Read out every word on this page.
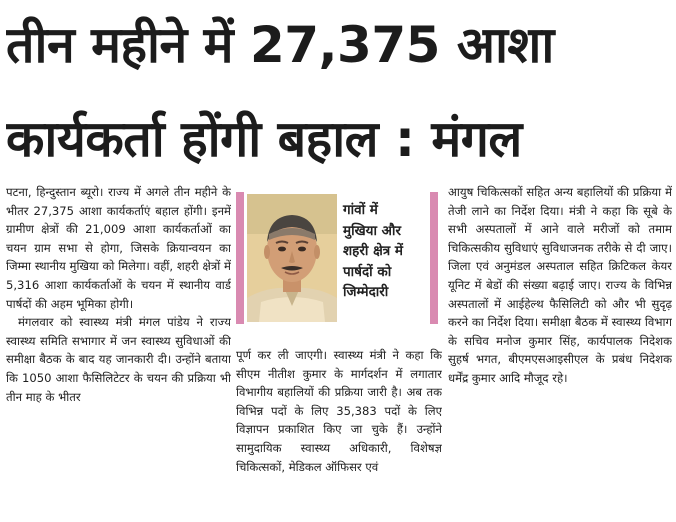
तीन महीने में 27,375 आशा
कार्यकर्ता होंगी बहाल : मंगल

पटना, हिन्दुस्तान ब्यूरो। राज्य में अगले तीन महीने के भीतर 27,375 आशा कार्यकर्ताएं बहाल होंगी। इनमें ग्रामीण क्षेत्रों की 21,009 आशा कार्यकर्ताओं का चयन ग्राम सभा से होगा, जिसके क्रियान्वयन का जिम्मा स्थानीय मुखिया को मिलेगा। वहीं, शहरी क्षेत्रों में 5,316 आशा कार्यकर्ताओं के चयन में स्थानीय वार्ड पार्षदों की अहम भूमिका होगी।

मंगलवार को स्वास्थ्य मंत्री मंगल पांडेय ने राज्य स्वास्थ्य समिति सभागार में जन स्वास्थ्य सुविधाओं की समीक्षा बैठक के बाद यह जानकारी दी। उन्होंने बताया कि 1050 आशा फैसिलिटेटर के चयन की प्रक्रिया भी तीन माह के भीतर

गांवों में
मुखिया और
शहरी क्षेत्र में
पार्षदों को
जिम्मेदारी

पूर्ण कर ली जाएगी। स्वास्थ्य मंत्री ने कहा कि सीएम नीतीश कुमार के मार्गदर्शन में लगातार विभागीय बहालियों की प्रक्रिया जारी है। अब तक विभिन्न पदों के लिए 35,383 पदों के लिए विज्ञापन प्रकाशित किए जा चुके हैं। उन्होंने सामुदायिक स्वास्थ्य अधिकारी, विशेषज्ञ चिकित्सकों, मेडिकल ऑफिसर एवं

आयुष चिकित्सकों सहित अन्य बहालियों की प्रक्रिया में तेजी लाने का निर्देश दिया। मंत्री ने कहा कि सूबे के सभी अस्पतालों में आने वाले मरीजों को तमाम चिकित्सकीय सुविधाएं सुविधाजनक तरीके से दी जाए। जिला एवं अनुमंडल अस्पताल सहित क्रिटिकल केयर यूनिट में बेडों की संख्या बढ़ाई जाए। राज्य के विभिन्न अस्पतालों में आईहेल्थ फैसिलिटी को और भी सुदृढ़ करने का निर्देश दिया। समीक्षा बैठक में स्वास्थ्य विभाग के सचिव मनोज कुमार सिंह, कार्यपालक निदेशक सुहर्ष भगत, बीएमएसआइसीएल के प्रबंध निदेशक धर्मेंद्र कुमार आदि मौजूद रहे।
